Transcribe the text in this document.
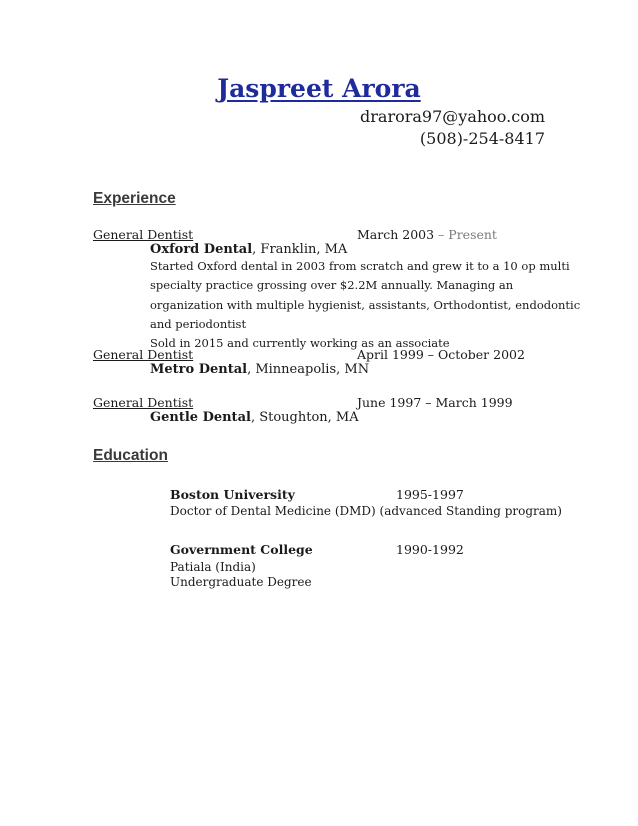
Jaspreet Arora
drarora97@yahoo.com
(508)-254-8417
Experience
General Dentist	March 2003 – Present
Oxford Dental, Franklin, MA
Started Oxford dental in 2003 from scratch and grew it to a 10 op multi
specialty practice grossing over $2.2M annually. Managing an
organization with multiple hygienist, assistants, Orthodontist, endodontic
and periodontist
Sold in 2015 and currently working as an associate
General Dentist	April 1999 – October 2002
Metro Dental, Minneapolis, MN
General Dentist	June 1997 – March 1999
Gentle Dental, Stoughton, MA
Education
Boston University	1995-1997
Doctor of Dental Medicine (DMD) (advanced Standing program)
Government College	1990-1992
Patiala (India)
Undergraduate Degree
